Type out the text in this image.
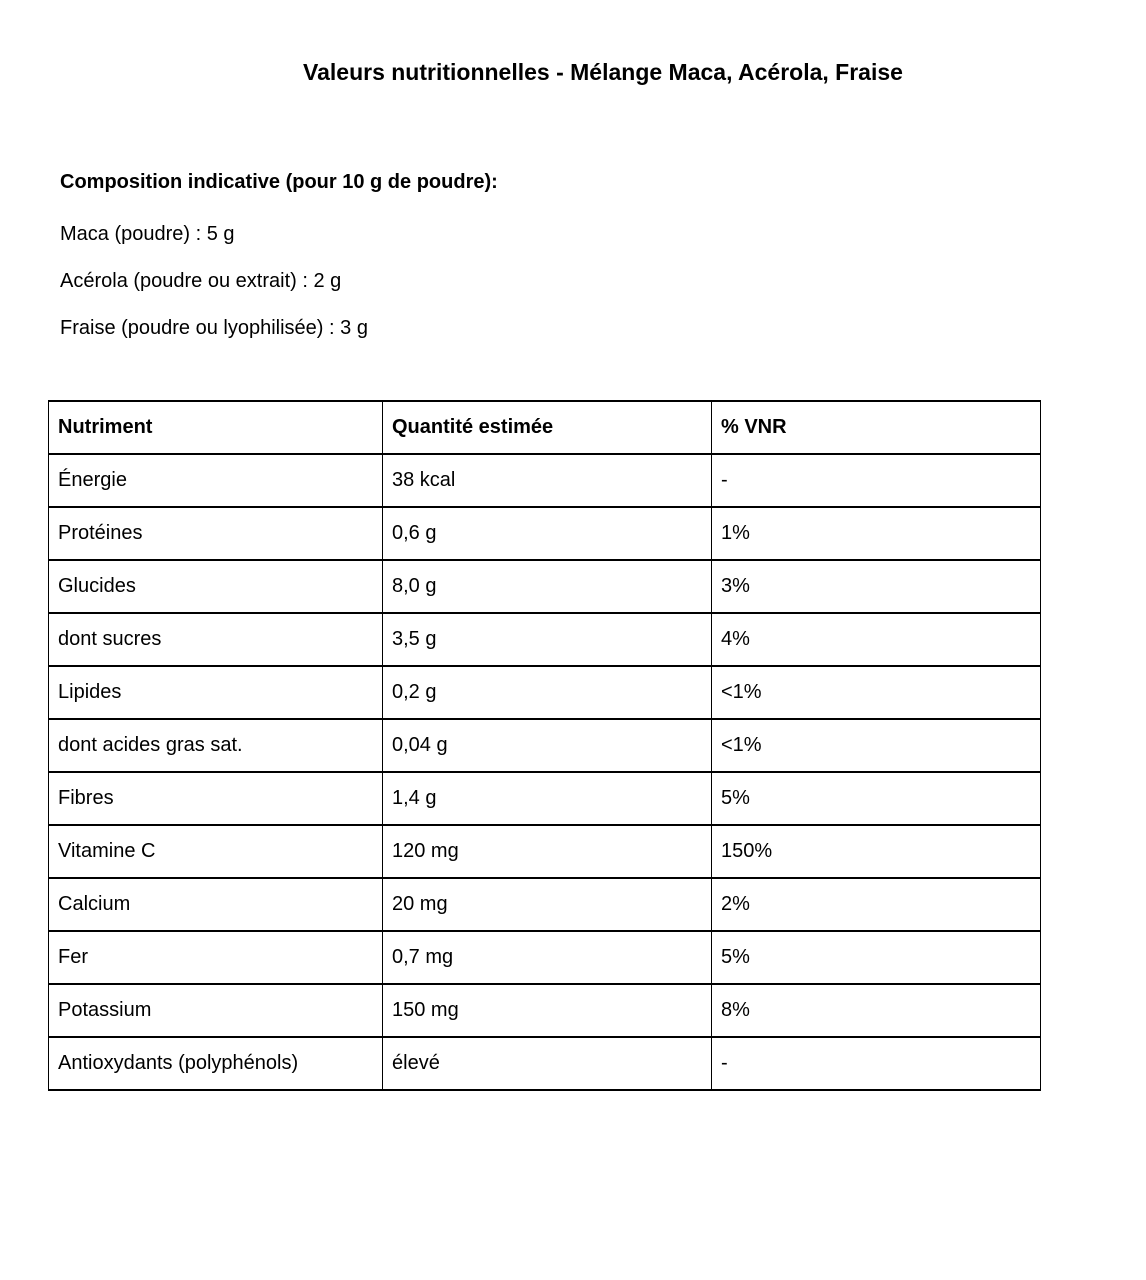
Valeurs nutritionnelles - Mélange Maca, Acérola, Fraise

Composition indicative (pour 10 g de poudre):

Maca (poudre) : 5 g

Acérola (poudre ou extrait) : 2 g

Fraise (poudre ou lyophilisée) : 3 g

Nutriment	Quantité estimée	% VNR
Énergie	38 kcal	-
Protéines	0,6 g	1%
Glucides	8,0 g	3%
dont sucres	3,5 g	4%
Lipides	0,2 g	<1%
dont acides gras sat.	0,04 g	<1%
Fibres	1,4 g	5%
Vitamine C	120 mg	150%
Calcium	20 mg	2%
Fer	0,7 mg	5%
Potassium	150 mg	8%
Antioxydants (polyphénols)	élevé	-
